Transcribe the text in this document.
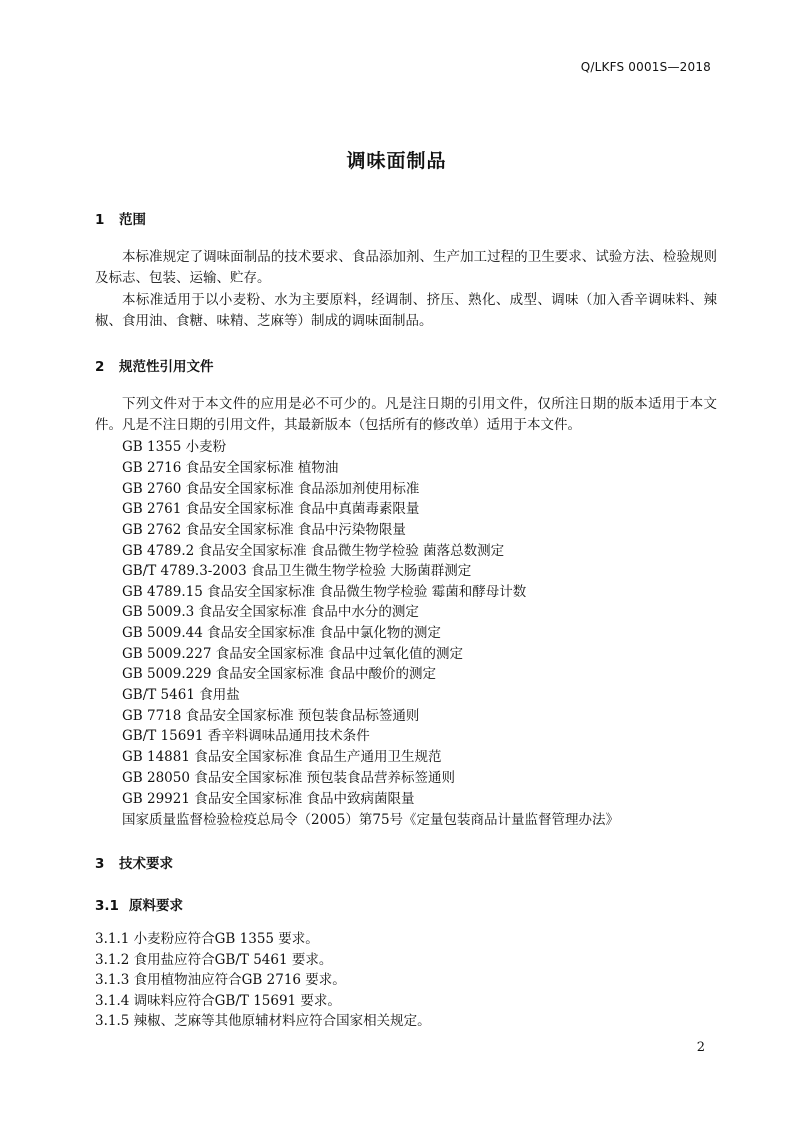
Q/LKFS 0001S—2018
调味面制品
1 范围
本标准规定了调味面制品的技术要求、食品添加剂、生产加工过程的卫生要求、试验方法、检验规则及标志、包装、运输、贮存。
本标准适用于以小麦粉、水为主要原料，经调制、挤压、熟化、成型、调味（加入香辛调味料、辣椒、食用油、食糖、味精、芝麻等）制成的调味面制品。
2 规范性引用文件
下列文件对于本文件的应用是必不可少的。凡是注日期的引用文件，仅所注日期的版本适用于本文件。凡是不注日期的引用文件，其最新版本（包括所有的修改单）适用于本文件。
GB 1355 小麦粉
GB 2716 食品安全国家标准 植物油
GB 2760 食品安全国家标准 食品添加剂使用标准
GB 2761 食品安全国家标准 食品中真菌毒素限量
GB 2762 食品安全国家标准 食品中污染物限量
GB 4789.2 食品安全国家标准 食品微生物学检验 菌落总数测定
GB/T 4789.3-2003 食品卫生微生物学检验 大肠菌群测定
GB 4789.15 食品安全国家标准 食品微生物学检验 霉菌和酵母计数
GB 5009.3 食品安全国家标准 食品中水分的测定
GB 5009.44 食品安全国家标准 食品中氯化物的测定
GB 5009.227 食品安全国家标准 食品中过氧化值的测定
GB 5009.229 食品安全国家标准 食品中酸价的测定
GB/T 5461 食用盐
GB 7718 食品安全国家标准 预包装食品标签通则
GB/T 15691 香辛料调味品通用技术条件
GB 14881 食品安全国家标准 食品生产通用卫生规范
GB 28050 食品安全国家标准 预包装食品营养标签通则
GB 29921 食品安全国家标准 食品中致病菌限量
国家质量监督检验检疫总局令（2005）第75号《定量包装商品计量监督管理办法》
3 技术要求
3.1 原料要求
3.1.1 小麦粉应符合GB 1355 要求。
3.1.2 食用盐应符合GB/T 5461 要求。
3.1.3 食用植物油应符合GB 2716 要求。
3.1.4 调味料应符合GB/T 15691 要求。
3.1.5 辣椒、芝麻等其他原辅材料应符合国家相关规定。
2
